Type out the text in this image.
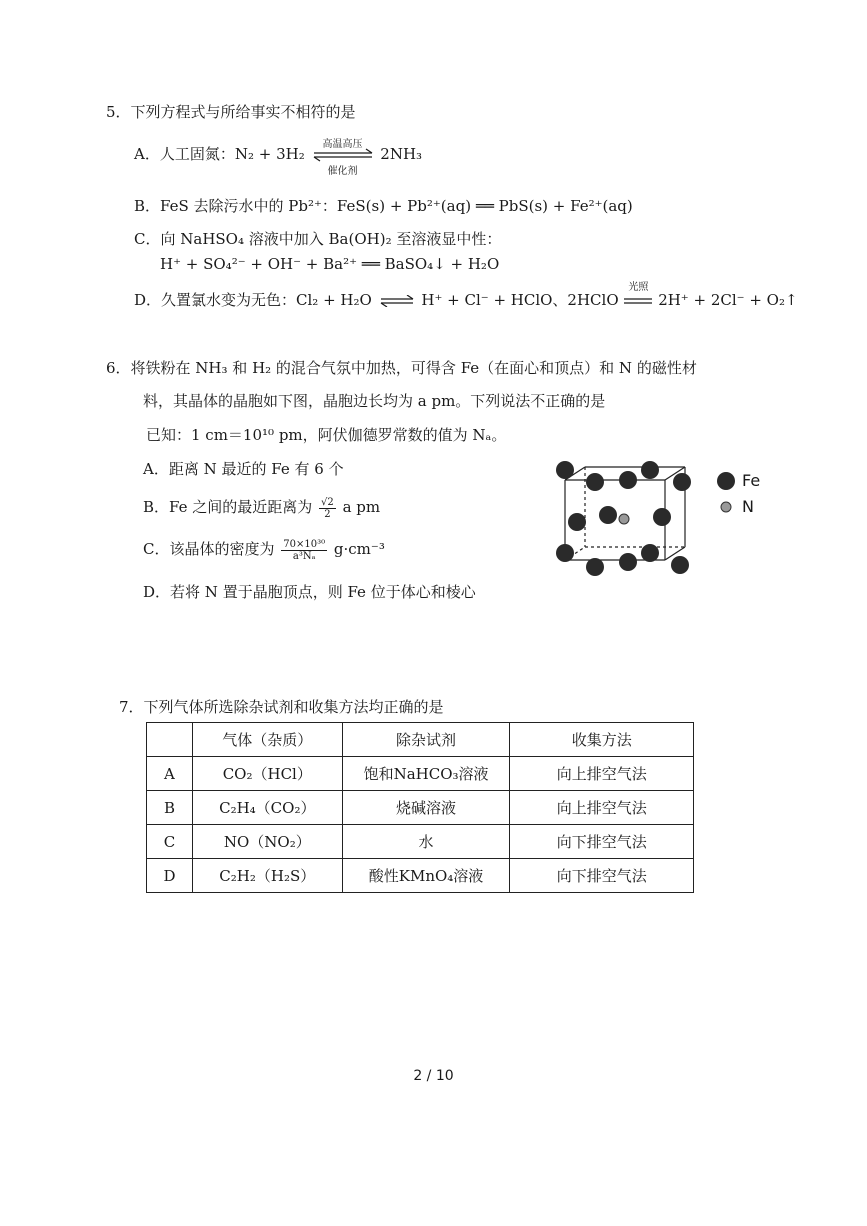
5．下列方程式与所给事实不相符的是
A．人工固氮：N₂ + 3H₂
高温高压
催化剂
2NH₃
B．FeS 去除污水中的 Pb²⁺：FeS(s) + Pb²⁺(aq) ══ PbS(s) + Fe²⁺(aq)
C．向 NaHSO₄ 溶液中加入 Ba(OH)₂ 至溶液显中性：
H⁺ + SO₄²⁻ + OH⁻ + Ba²⁺ ══ BaSO₄↓ + H₂O
D．久置氯水变为无色：Cl₂ + H₂O ⇌ H⁺ + Cl⁻ + HClO、2HClO
光照
2H⁺ + 2Cl⁻ + O₂↑
6．将铁粉在 NH₃ 和 H₂ 的混合气氛中加热，可得含 Fe（在面心和顶点）和 N 的磁性材
料，其晶体的晶胞如下图，晶胞边长均为 a pm。下列说法不正确的是
已知：1 cm＝10¹⁰ pm，阿伏伽德罗常数的值为 Nₐ。
A．距离 N 最近的 Fe 有 6 个
B．Fe 之间的最近距离为 $\frac{√2}{2}$ a pm
C．该晶体的密度为 $\frac{\text{70×10³⁰}}{\text{a³Nₐ}} g\cdot cm^{-3}$
D．若将 N 置于晶胞顶点，则 Fe 位于体心和棱心
Fe
N
7．下列气体所选除杂试剂和收集方法均正确的是
	气体（杂质）	除杂试剂	收集方法
A	CO₂（HCl）	饱和NaHCO₃溶液	向上排空气法
B	C₂H₄（CO₂）	烧碱溶液	向上排空气法
C	NO（NO₂）	水	向下排空气法
D	C₂H₂（H₂S）	酸性KMnO₄溶液	向下排空气法
2 / 10
